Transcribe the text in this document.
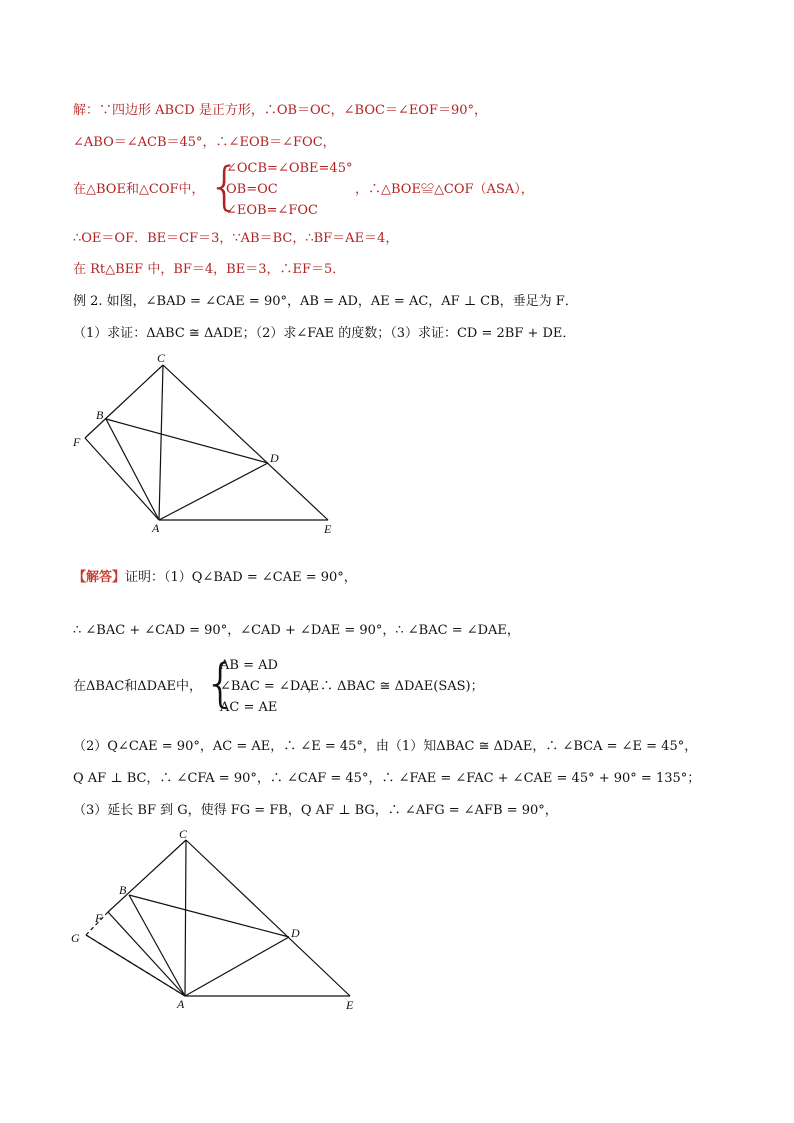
解：∵四边形 ABCD 是正方形，∴OB＝OC，∠BOC＝∠EOF＝90°，
∠ABO＝∠ACB＝45°，∴∠EOB＝∠FOC，
在△BOE和△COF中， {
∠OCB=∠OBE=45°
OB=OC
∠EOB=∠FOC
，∴△BOE≌△COF（ASA），
∴OE＝OF．BE＝CF＝3，∵AB＝BC，∴BF＝AE＝4，
在 Rt△BEF 中，BF＝4，BE＝3，∴EF＝5．
例 2. 如图，∠BAD = ∠CAE = 90°，AB = AD，AE = AC，AF ⊥ CB，垂足为 F．
（1）求证：ΔABC ≅ ΔADE；（2）求∠FAE 的度数；（3）求证：CD = 2BF + DE．
C
B
F
D
A	E
【解答】证明：（1）Q∠BAD = ∠CAE = 90°，
∴ ∠BAC + ∠CAD = 90°，∠CAD + ∠DAE = 90°，∴ ∠BAC = ∠DAE，
在ΔBAC和ΔDAE中， {
AB = AD
∠BAC = ∠DAE
AC = AE
，∴ ΔBAC ≅ ΔDAE(SAS)；
（2）Q∠CAE = 90°，AC = AE，∴ ∠E = 45°，由（1）知ΔBAC ≅ ΔDAE，∴ ∠BCA = ∠E = 45°，
Q AF ⊥ BC，∴ ∠CFA = 90°，∴ ∠CAF = 45°，∴ ∠FAE = ∠FAC + ∠CAE = 45° + 90° = 135°；
（3）延长 BF 到 G，使得 FG = FB，Q AF ⊥ BG，∴ ∠AFG = ∠AFB = 90°，
C
B
F
G	D
A	E
